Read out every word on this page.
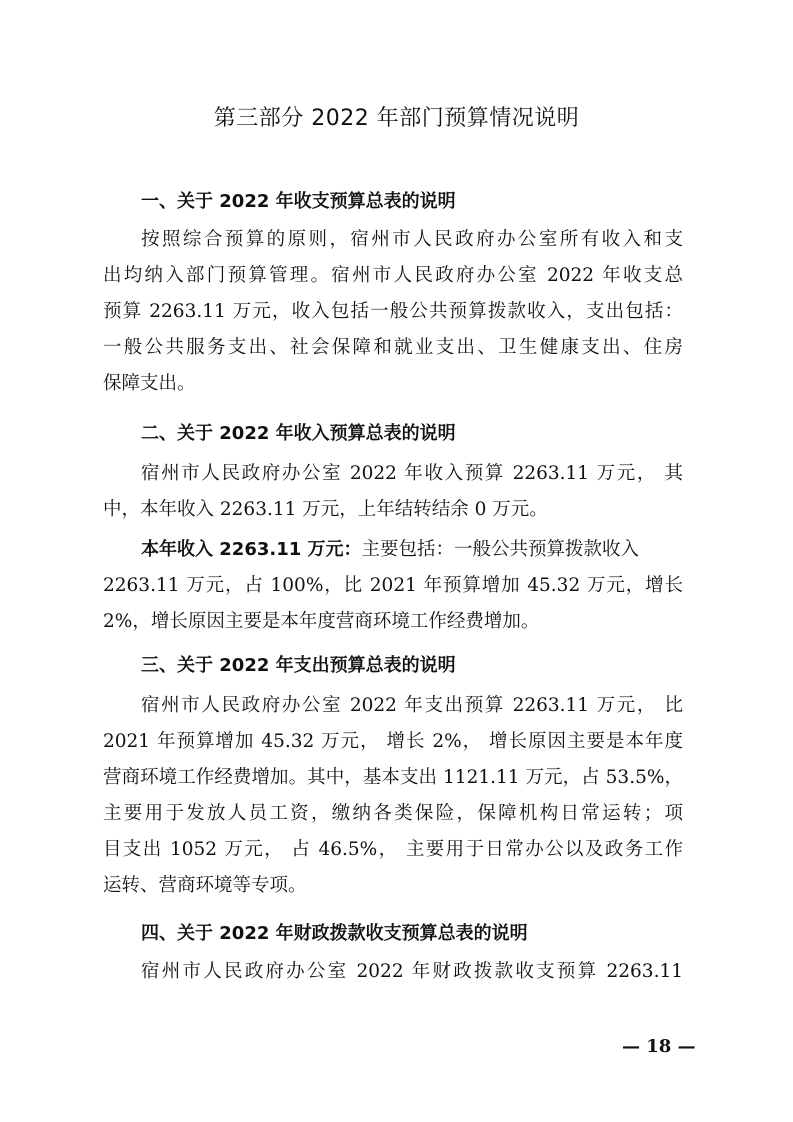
第三部分 2022 年部门预算情况说明
一、关于 2022 年收支预算总表的说明
按照综合预算的原则，宿州市人民政府办公室所有收入和支
出均纳入部门预算管理。宿州市人民政府办公室 2022 年收支总
预算 2263.11 万元，收入包括一般公共预算拨款收入，支出包括：
一般公共服务支出、社会保障和就业支出、卫生健康支出、住房
保障支出。
二、关于 2022 年收入预算总表的说明
宿州市人民政府办公室 2022 年收入预算 2263.11 万元， 其
中，本年收入 2263.11 万元，上年结转结余 0 万元。
本年收入 2263.11 万元：主要包括：一般公共预算拨款收入
2263.11 万元，占 100%，比 2021 年预算增加 45.32 万元，增长
2%，增长原因主要是本年度营商环境工作经费增加。
三、关于 2022 年支出预算总表的说明
宿州市人民政府办公室 2022 年支出预算 2263.11 万元， 比
2021 年预算增加 45.32 万元， 增长 2%， 增长原因主要是本年度
营商环境工作经费增加。其中，基本支出 1121.11 万元，占 53.5%，
主要用于发放人员工资，缴纳各类保险，保障机构日常运转；项
目支出 1052 万元， 占 46.5%， 主要用于日常办公以及政务工作
运转、营商环境等专项。
四、关于 2022 年财政拨款收支预算总表的说明
宿州市人民政府办公室 2022 年财政拨款收支预算 2263.11
— 18 —
